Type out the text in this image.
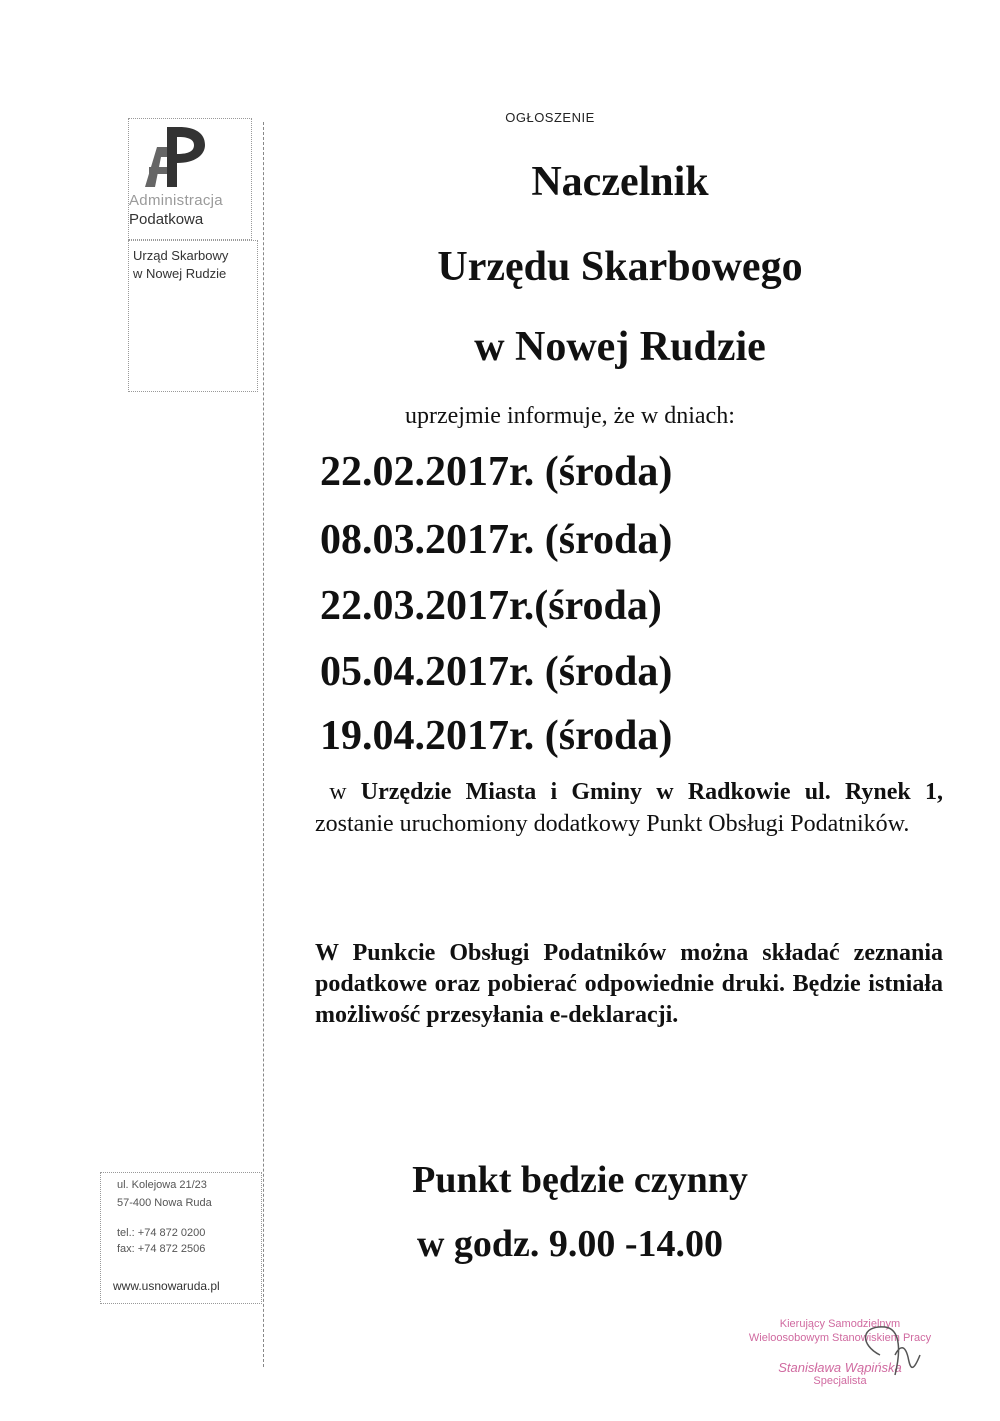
Administracja
Podatkowa
Urząd Skarbowy
w Nowej Rudzie
ul. Kolejowa 21/23
57-400 Nowa Ruda
tel.: +74 872 0200
fax: +74 872 2506
www.usnowaruda.pl
OGŁOSZENIE
Naczelnik
Urzędu Skarbowego
w Nowej Rudzie
uprzejmie informuje, że w dniach:
22.02.2017r. (środa)
08.03.2017r. (środa)
22.03.2017r.(środa)
05.04.2017r. (środa)
19.04.2017r. (środa)
w Urzędzie Miasta i Gminy w Radkowie ul. Rynek 1, zostanie uruchomiony dodatkowy Punkt Obsługi Podatników.
W Punkcie Obsługi Podatników można składać zeznania podatkowe oraz pobierać odpowiednie druki. Będzie istniała możliwość przesyłania e-deklaracji.
Punkt będzie czynny
w godz. 9.00 -14.00
Kierujący Samodzielnym
Wieloosobowym Stanowiskiem Pracy
Stanisława Wąpińska
Specjalista
